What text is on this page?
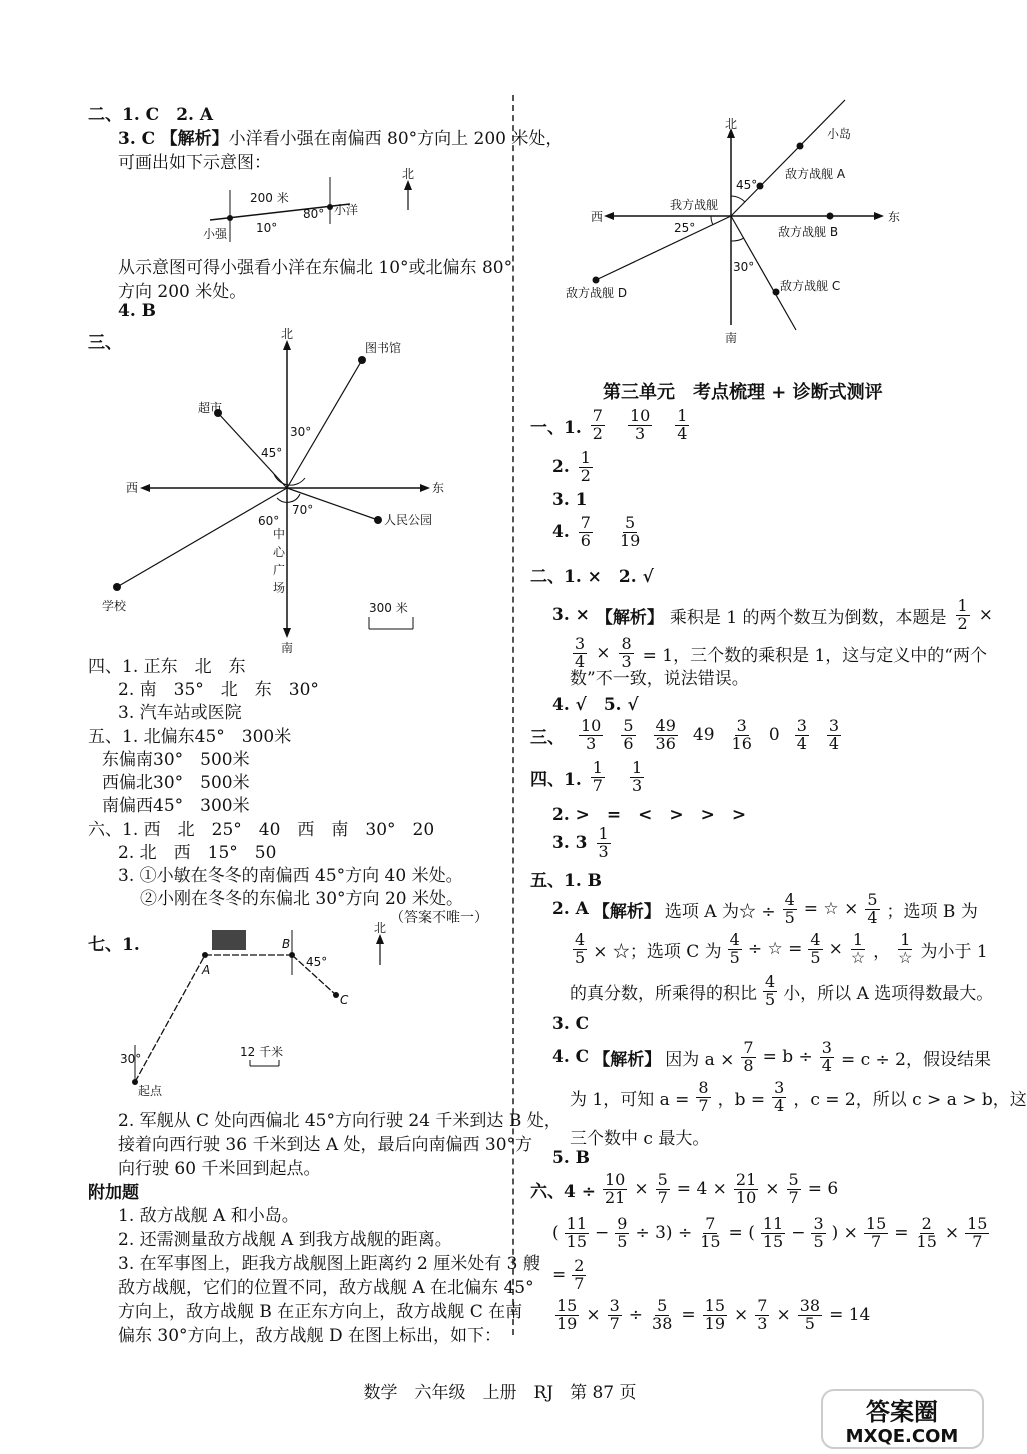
二、1. C　2. A
3. C 【解析】小洋看小强在南偏西 80°方向上 200 米处，
可画出如下示意图：
小强
小洋
200 米
10°
80°
北
北
南
西	东
图书馆
超市
人民公园
学校
30°
45°
60°
70°
中
心
广
场
300 米
A
B
C
45°
30°
北
12 千米
起点
北
南
西	东
小岛
敌方战舰 A
敌方战舰 B
敌方战舰 C
敌方战舰 D
我方战舰
45°
25°
30°
从示意图可得小强看小洋在东偏北 10°或北偏东 80°
方向 200 米处。
4. B
三、
四、1. 正东　北　东
2. 南　35°　北　东　30°
3. 汽车站或医院
五、1. 北偏东45°　300米
东偏南30°　500米
西偏北30°　500米
南偏西45°　300米
六、1. 西　北　25°　40　西　南　30°　20
2. 北　西　15°　50
3. ①小敏在冬冬的南偏西 45°方向 40 米处。
②小刚在冬冬的东偏北 30°方向 20 米处。
（答案不唯一）
七、1.
2. 军舰从 C 处向西偏北 45°方向行驶 24 千米到达 B 处，
接着向西行驶 36 千米到达 A 处，最后向南偏西 30°方
向行驶 60 千米回到起点。
附加题
1. 敌方战舰 A 和小岛。
2. 还需测量敌方战舰 A 到我方战舰的距离。
3. 在军事图上，距我方战舰图上距离约 2 厘米处有 3 艘
敌方战舰，它们的位置不同，敌方战舰 A 在北偏东 45°
方向上，敌方战舰 B 在正东方向上，敌方战舰 C 在南
偏东 30°方向上，敌方战舰 D 在图上标出，如下：
第三单元　考点梳理 + 诊断式测评
一、1.
7
2
10
3
1
4
2. 1
2
3. 1
4. 7
6
5
19
二、1. ×　2. √
3. × 【解析】 乘积是 1 的两个数互为倒数，本题是 $\frac{1}{2}$ ×
$\frac{3}{4} \times \frac{8}{3} = 1$，三个数的乘积是 1，这与定义中的“两个
数”不一致，说法错误。
4. √　5. √
三、
10
3
5
6
49
36 49 3
16 0 3
4
3
4
四、1.
1
7
1
3
2. >　=　<　>　>　>
3. 3 1
3
五、1. B
2. A 【解析】 选项 A 为☆ ÷ $\frac{4}{5}$ = ☆ × $\frac{5}{4}$ ；选项 B 为
$\frac{4}{5}$ × ☆；选项 C 为 $\frac{4}{5}$ ÷ ☆ = $\frac{4}{5} \times 1$
☆ ，
1
☆ 为小于 1
的真分数，所乘得的积比
4
5 小，所以 A 选项得数最大。
3. C
4. C 【解析】 因为 $a \times \frac{7}{8} = b \div \frac{3}{4} = c \div 2$，假设结果
为 1，可知 $a = \frac{8}{7}$ ，$b = \frac{3}{4}$ ，c = 2，所以 c > a > b，这
三个数中 c 最大。
5. B
六、$4 \div \frac{10}{21} \times \frac{5}{7} = 4 \times \frac{21}{10} \times \frac{5}{7} = 6$
( 11
$15 - \frac{9}{5} \div 3) \div \frac{7}{15}$ = ( 11
$15 - \frac{3}{5}$ ) × $\frac{15}{7} = \frac{2}{15} \times \frac{15}{7}$
= $\frac{2}{7}$
$\frac{15}{19} \times \frac{3}{7} \div \frac{5}{38} = \frac{15}{19} \times \frac{7}{3} \times \frac{38}{5} = 14$
数学　六年级　上册　RJ　第 87 页
答案圈
MXQE.COM
